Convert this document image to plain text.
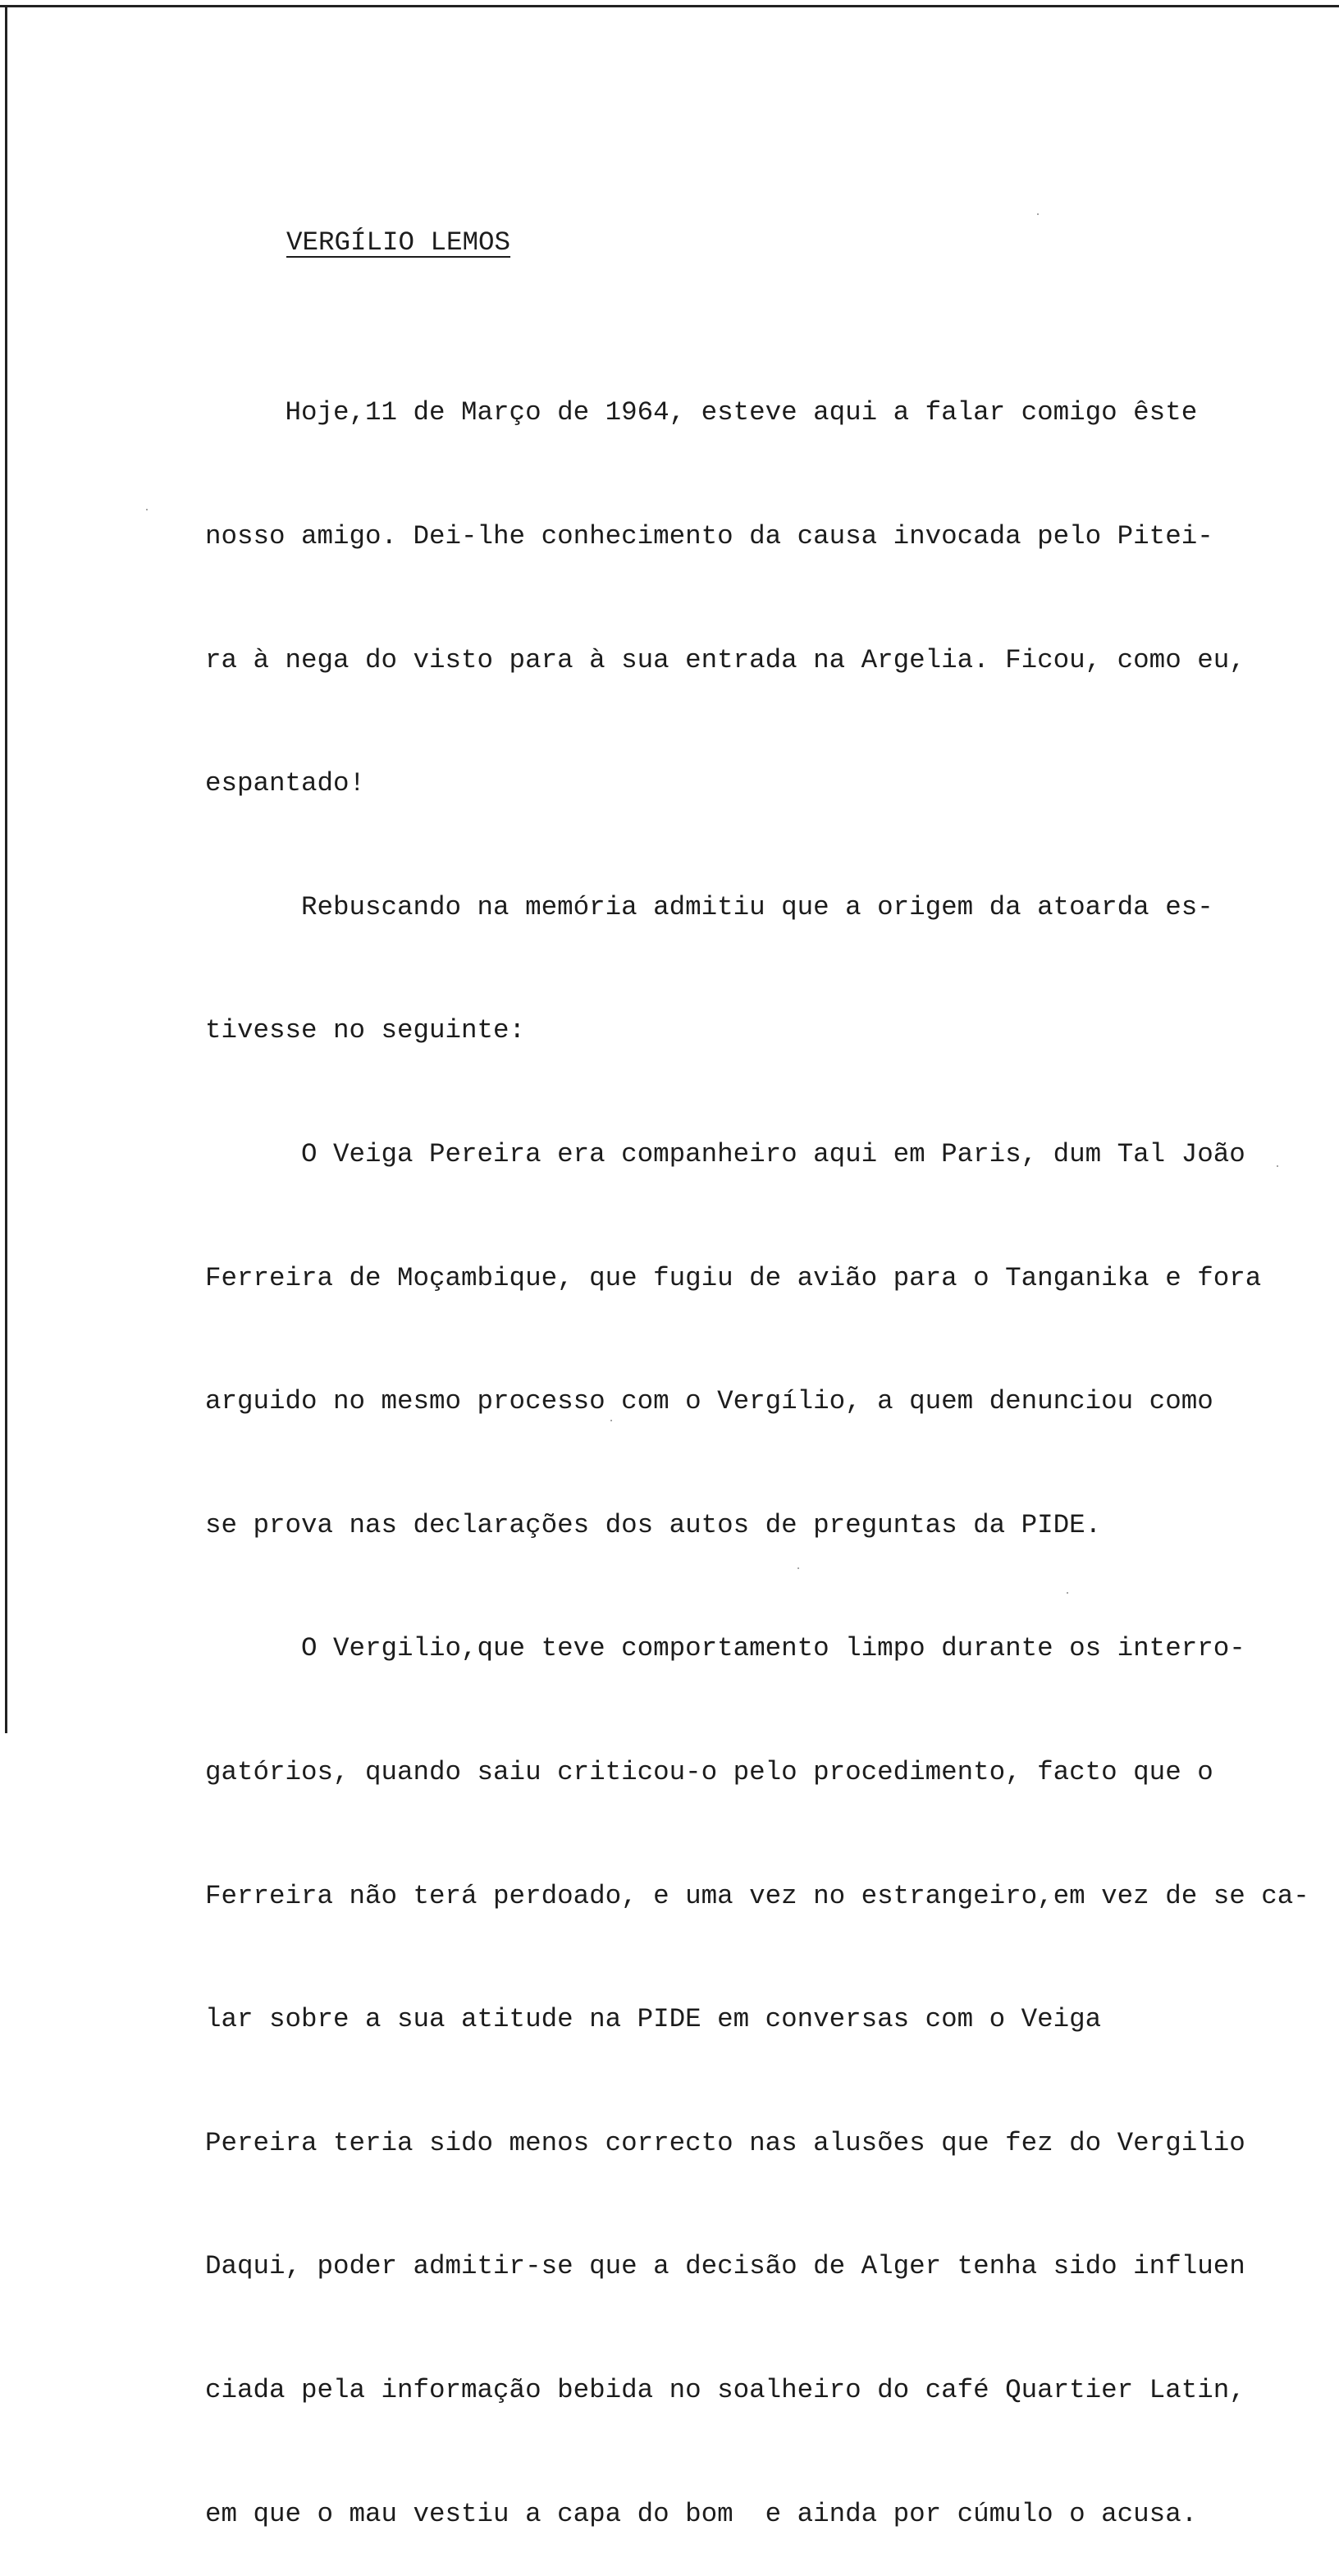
VERGÍLIO LEMOS

Hoje,11 de Março de 1964, esteve aqui a falar comigo êste

nosso amigo. Dei-lhe conhecimento da causa invocada pelo Pitei-

ra à nega do visto para à sua entrada na Argelia. Ficou, como eu,

espantado!

Rebuscando na memória admitiu que a origem da atoarda es-

tivesse no seguinte:

O Veiga Pereira era companheiro aqui em Paris, dum Tal João

Ferreira de Moçambique, que fugiu de avião para o Tanganika e fora

arguido no mesmo processo com o Vergílio, a quem denunciou como

se prova nas declarações dos autos de preguntas da PIDE.

O Vergilio,que teve comportamento limpo durante os interro-

gatórios, quando saiu criticou-o pelo procedimento, facto que o

Ferreira não terá perdoado, e uma vez no estrangeiro,em vez de se ca-

lar sobre a sua atitude na PIDE em conversas com o Veiga

Pereira teria sido menos correcto nas alusões que fez do Vergilio

Daqui, poder admitir-se que a decisão de Alger tenha sido influen

ciada pela informação bebida no soalheiro do café Quartier Latin,

em que o mau vestiu a capa do bom  e ainda por cúmulo o acusa.
